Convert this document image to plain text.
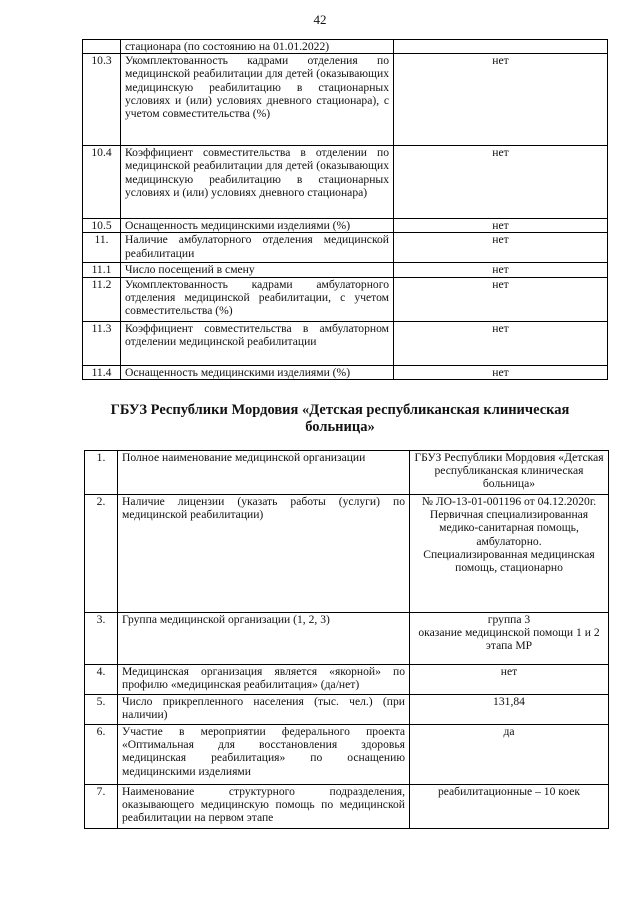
42
	стационара (по состоянию на 01.01.2022)	
10.3	Укомплектованность кадрами отделения по медицинской реабилитации для детей (оказывающих медицинскую реабилитацию в стационарных условиях и (или) условиях дневного стационара), с учетом совместительства (%)	нет
10.4	Коэффициент совместительства в отделении по медицинской реабилитации для детей (оказывающих медицинскую реабилитацию в стационарных условиях и (или) условиях дневного стационара)	нет
10.5	Оснащенность медицинскими изделиями (%)	нет
11.	Наличие амбулаторного отделения медицинской реабилитации	нет
11.1	Число посещений в смену	нет
11.2	Укомплектованность кадрами амбулаторного отделения медицинской реабилитации, с учетом совместительства (%)	нет
11.3	Коэффициент совместительства в амбулаторном отделении медицинской реабилитации	нет
11.4	Оснащенность медицинскими изделиями (%)	нет
ГБУЗ Республики Мордовия «Детская республиканская клиническая больница»
1.	Полное наименование медицинской организации	ГБУЗ Республики Мордовия «Детская республиканская клиническая больница»

2.	Наличие лицензии (указать работы (услуги) по медицинской реабилитации)	№ ЛО-13-01-001196 от 04.12.2020г.
Первичная специализированная медико-санитарная помощь, амбулаторно.
Специализированная медицинская помощь, стационарно

3.	Группа медицинской организации (1, 2, 3)	группа 3
оказание медицинской помощи 1 и 2 этапа МР

4.	Медицинская организация является «якорной» по профилю «медицинская реабилитация» (да/нет)	нет

5.	Число прикрепленного населения (тыс. чел.) (при наличии)	131,84

6.	Участие в мероприятии федерального проекта «Оптимальная для восстановления здоровья медицинская реабилитация» по оснащению медицинскими изделиями	да

7.	Наименование структурного подразделения, оказывающего медицинскую помощь по медицинской реабилитации на первом этапе	реабилитационные – 10 коек
